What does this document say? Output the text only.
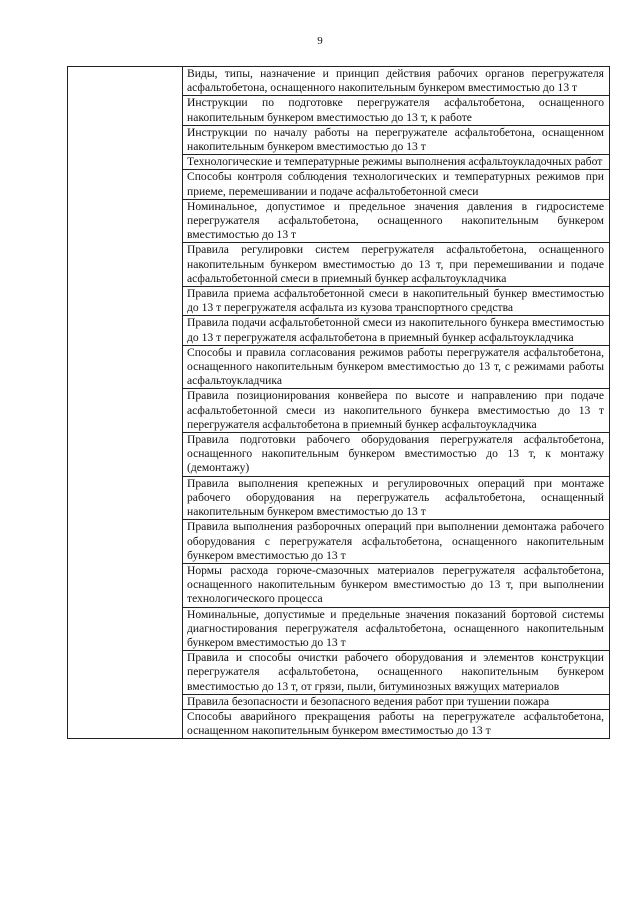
9

Виды, типы, назначение и принцип действия рабочих органов перегружателя асфальтобетона, оснащенного накопительным бункером вместимостью до 13 т
Инструкции по подготовке перегружателя асфальтобетона, оснащенного накопительным бункером вместимостью до 13 т, к работе
Инструкции по началу работы на перегружателе асфальтобетона, оснащенном накопительным бункером вместимостью до 13 т
Технологические и температурные режимы выполнения асфальтоукладочных работ
Способы контроля соблюдения технологических и температурных режимов при приеме, перемешивании и подаче асфальтобетонной смеси
Номинальное, допустимое и предельное значения давления в гидросистеме перегружателя асфальтобетона, оснащенного накопительным бункером вместимостью до 13 т
Правила регулировки систем перегружателя асфальтобетона, оснащенного накопительным бункером вместимостью до 13 т, при перемешивании и подаче асфальтобетонной смеси в приемный бункер асфальтоукладчика
Правила приема асфальтобетонной смеси в накопительный бункер вместимостью до 13 т перегружателя асфальта из кузова транспортного средства
Правила подачи асфальтобетонной смеси из накопительного бункера вместимостью до 13 т перегружателя асфальтобетона в приемный бункер асфальтоукладчика
Способы и правила согласования режимов работы перегружателя асфальтобетона, оснащенного накопительным бункером вместимостью до 13 т, с режимами работы асфальтоукладчика
Правила позиционирования конвейера по высоте и направлению при подаче асфальтобетонной смеси из накопительного бункера вместимостью до 13 т перегружателя асфальтобетона в приемный бункер асфальтоукладчика
Правила подготовки рабочего оборудования перегружателя асфальтобетона, оснащенного накопительным бункером вместимостью до 13 т, к монтажу (демонтажу)
Правила выполнения крепежных и регулировочных операций при монтаже рабочего оборудования на перегружатель асфальтобетона, оснащенный накопительным бункером вместимостью до 13 т
Правила выполнения разборочных операций при выполнении демонтажа рабочего оборудования с перегружателя асфальтобетона, оснащенного накопительным бункером вместимостью до 13 т
Нормы расхода горюче-смазочных материалов перегружателя асфальтобетона, оснащенного накопительным бункером вместимостью до 13 т, при выполнении технологического процесса
Номинальные, допустимые и предельные значения показаний бортовой системы диагностирования перегружателя асфальтобетона, оснащенного накопительным бункером вместимостью до 13 т
Правила и способы очистки рабочего оборудования и элементов конструкции перегружателя асфальтобетона, оснащенного накопительным бункером вместимостью до 13 т, от грязи, пыли, битуминозных вяжущих материалов
Правила безопасности и безопасного ведения работ при тушении пожара
Способы аварийного прекращения работы на перегружателе асфальтобетона, оснащенном накопительным бункером вместимостью до 13 т
